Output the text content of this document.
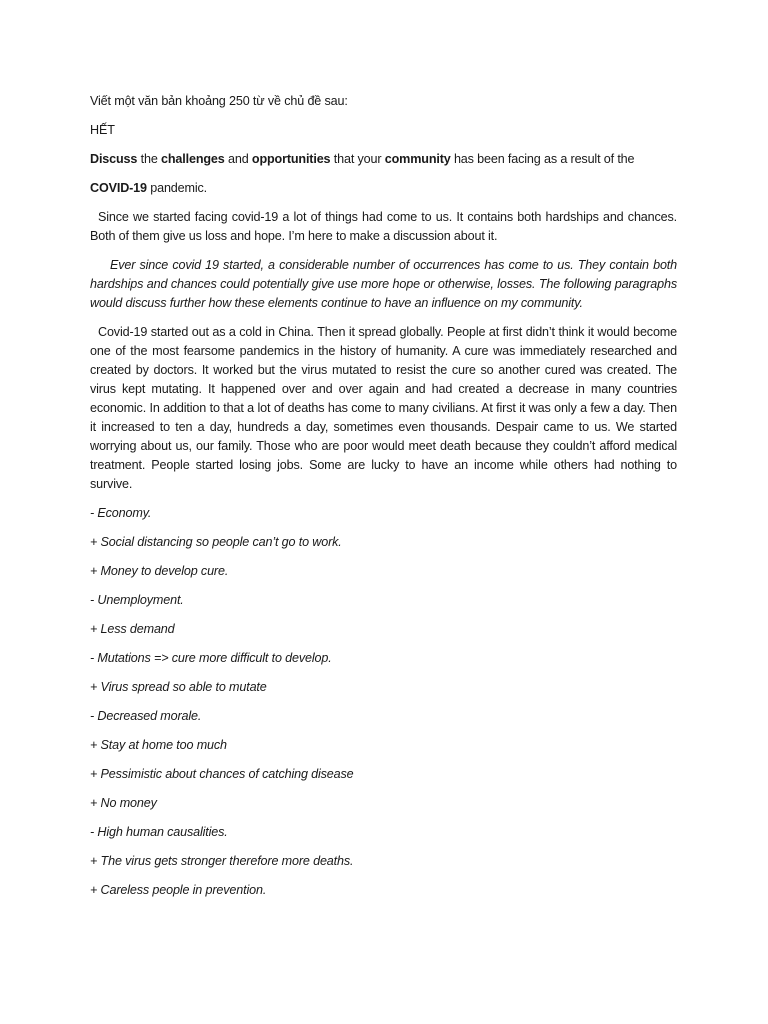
Viết một văn bản khoảng 250 từ về chủ đề sau:

HẾT

Discuss the challenges and opportunities that your community has been facing as a result of the

COVID-19 pandemic.

Since we started facing covid-19 a lot of things had come to us. It contains both hardships and chances. Both of them give us loss and hope. I’m here to make a discussion about it.

Ever since covid 19 started, a considerable number of occurrences has come to us. They contain both hardships and chances could potentially give use more hope or otherwise, losses. The following paragraphs would discuss further how these elements continue to have an influence on my community.

Covid-19 started out as a cold in China. Then it spread globally. People at first didn’t think it would become one of the most fearsome pandemics in the history of humanity. A cure was immediately researched and created by doctors. It worked but the virus mutated to resist the cure so another cured was created. The virus kept mutating. It happened over and over again and had created a decrease in many countries economic. In addition to that a lot of deaths has come to many civilians. At first it was only a few a day. Then it increased to ten a day, hundreds a day, sometimes even thousands. Despair came to us. We started worrying about us, our family. Those who are poor would meet death because they couldn’t afford medical treatment. People started losing jobs. Some are lucky to have an income while others had nothing to survive.

- Economy.

+ Social distancing so people can’t go to work.

+ Money to develop cure.

- Unemployment.

+ Less demand

- Mutations => cure more difficult to develop.

+ Virus spread so able to mutate

- Decreased morale.

+ Stay at home too much

+ Pessimistic about chances of catching disease

+ No money

- High human causalities.

+ The virus gets stronger therefore more deaths.

+ Careless people in prevention.
